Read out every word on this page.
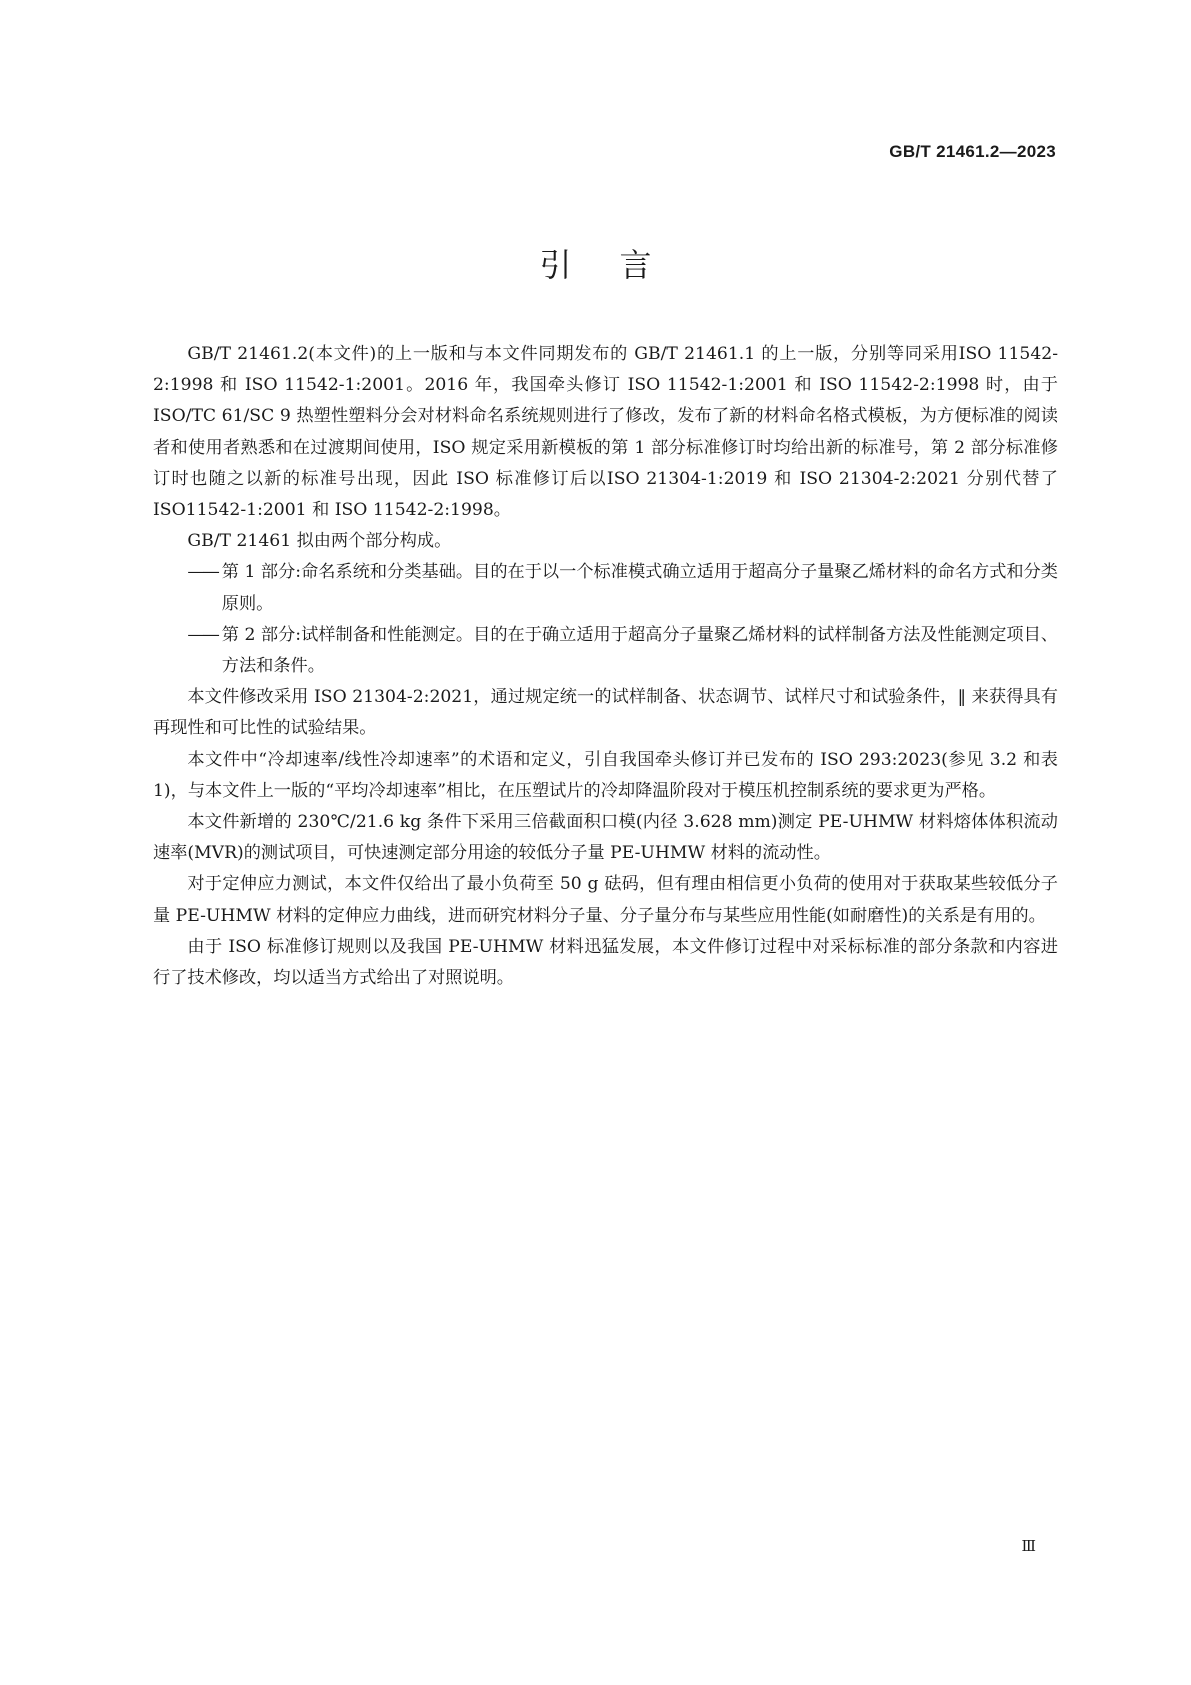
GB/T 21461.2—2023
引言

GB/T 21461.2(本文件)的上一版和与本文件同期发布的 GB/T 21461.1 的上一版，分别等同采用ISO 11542-2:1998 和 ISO 11542-1:2001。2016 年，我国牵头修订 ISO 11542-1:2001 和 ISO 11542-2:1998 时，由于 ISO/TC 61/SC 9 热塑性塑料分会对材料命名系统规则进行了修改，发布了新的材料命名格式模板，为方便标准的阅读者和使用者熟悉和在过渡期间使用，ISO 规定采用新模板的第 1 部分标准修订时均给出新的标准号，第 2 部分标准修订时也随之以新的标准号出现，因此 ISO 标准修订后以ISO 21304-1:2019 和 ISO 21304-2:2021 分别代替了 ISO11542-1:2001 和 ISO 11542-2:1998。

GB/T 21461 拟由两个部分构成。

—— 第 1 部分:命名系统和分类基础。目的在于以一个标准模式确立适用于超高分子量聚乙烯材料的命名方式和分类原则。

—— 第 2 部分:试样制备和性能测定。目的在于确立适用于超高分子量聚乙烯材料的试样制备方法及性能测定项目、方法和条件。

本文件修改采用 ISO 21304-2:2021，通过规定统一的试样制备、状态调节、试样尺寸和试验条件，‖ 来获得具有再现性和可比性的试验结果。

本文件中“冷却速率/线性冷却速率”的术语和定义，引自我国牵头修订并已发布的 ISO 293:2023(参见 3.2 和表 1)，与本文件上一版的“平均冷却速率”相比，在压塑试片的冷却降温阶段对于模压机控制系统的要求更为严格。

本文件新增的 230℃/21.6 kg 条件下采用三倍截面积口模(内径 3.628 mm)测定 PE-UHMW 材料熔体体积流动速率(MVR)的测试项目，可快速测定部分用途的较低分子量 PE-UHMW 材料的流动性。

对于定伸应力测试，本文件仅给出了最小负荷至 50 g 砝码，但有理由相信更小负荷的使用对于获取某些较低分子量 PE-UHMW 材料的定伸应力曲线，进而研究材料分子量、分子量分布与某些应用性能(如耐磨性)的关系是有用的。

由于 ISO 标准修订规则以及我国 PE-UHMW 材料迅猛发展，本文件修订过程中对采标标准的部分条款和内容进行了技术修改，均以适当方式给出了对照说明。

Ⅲ
